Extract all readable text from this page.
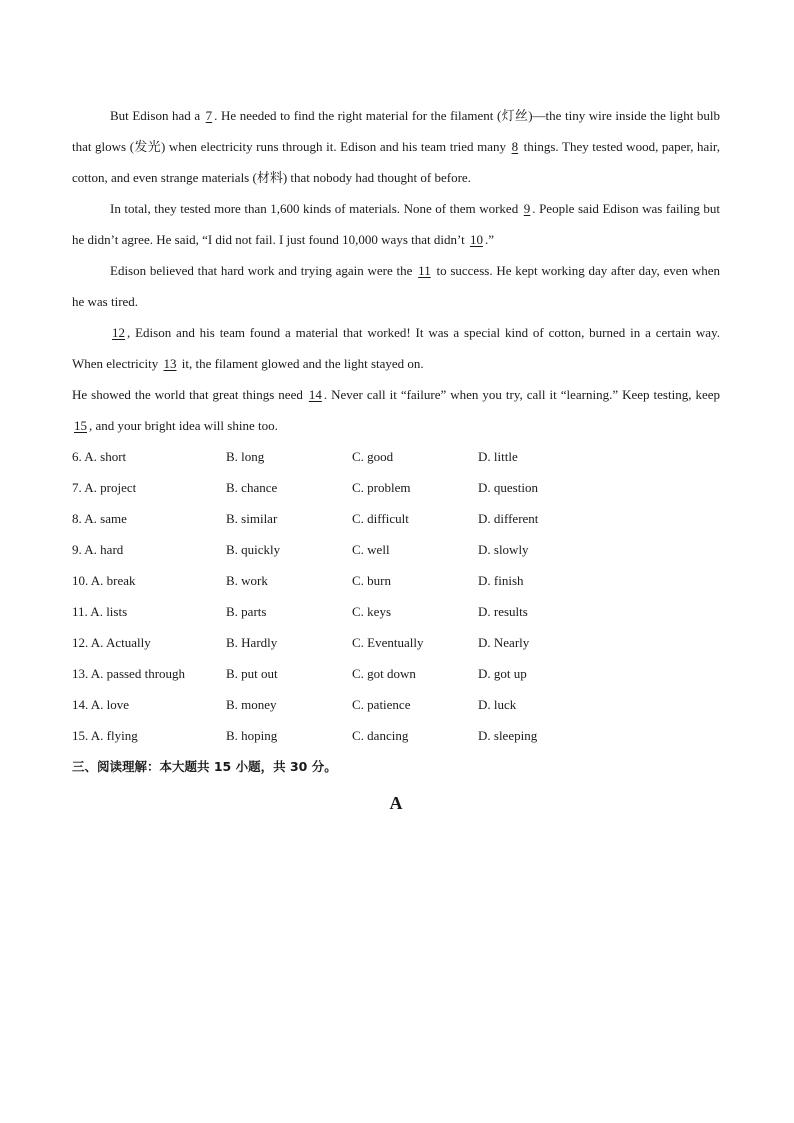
But Edison had a 7 . He needed to find the right material for the filament (灯丝)—the tiny wire inside the light bulb that glows (发光) when electricity runs through it. Edison and his team tried many 8 things. They tested wood, paper, hair, cotton, and even strange materials (材料) that nobody had thought of before.

In total, they tested more than 1,600 kinds of materials. None of them worked 9 . People said Edison was failing but he didn’t agree. He said, “I did not fail. I just found 10,000 ways that didn’t 10 .”

Edison believed that hard work and trying again were the 11 to success. He kept working day after day, even when he was tired.

12 , Edison and his team found a material that worked! It was a special kind of cotton, burned in a certain way. When electricity 13 it, the filament glowed and the light stayed on.

He showed the world that great things need 14 . Never call it “failure” when you try, call it “learning.” Keep testing, keep 15 , and your bright idea will shine too.

6. A. short	B. long	C. good	D. little
7. A. project	B. chance	C. problem	D. question
8. A. same	B. similar	C. difficult	D. different
9. A. hard	B. quickly	C. well	D. slowly
10. A. break	B. work	C. burn	D. finish
11. A. lists	B. parts	C. keys	D. results
12. A. Actually	B. Hardly	C. Eventually	D. Nearly
13. A. passed through	B. put out	C. got down	D. got up
14. A. love	B. money	C. patience	D. luck
15. A. flying	B. hoping	C. dancing	D. sleeping
三、阅读理解：本大题共 15 小题，共 30 分。
A
